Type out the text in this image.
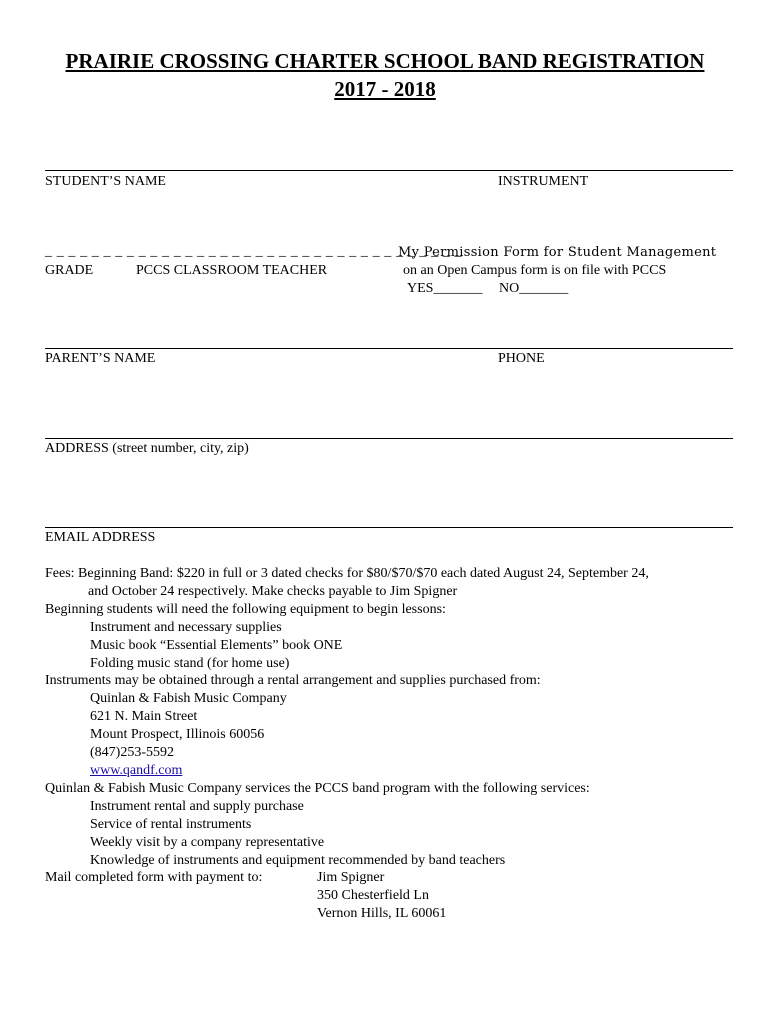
PRAIRIE CROSSING CHARTER SCHOOL BAND REGISTRATION
2017 - 2018
STUDENT’S NAME	INSTRUMENT
_ _ _ _ _ _ _ _ _ _ _ _ _ _ _ _ _ _ _ _ _ _ _ _ _ _ _ _ _ _ _ _ _ _ _ _
My Permission Form for Student Management
GRADE	PCCS CLASSROOM TEACHER	on an Open Campus form is on file with PCCS
YES_______ NO_______
PARENT’S NAME	PHONE
ADDRESS (street number, city, zip)
EMAIL ADDRESS
Fees: Beginning Band: $220 in full or 3 dated checks for $80/$70/$70 each dated August 24, September 24,
and October 24 respectively. Make checks payable to Jim Spigner
Beginning students will need the following equipment to begin lessons:
Instrument and necessary supplies
Music book “Essential Elements” book ONE
Folding music stand (for home use)
Instruments may be obtained through a rental arrangement and supplies purchased from:
Quinlan & Fabish Music Company
621 N. Main Street
Mount Prospect, Illinois 60056
(847)253-5592
www.qandf.com
Quinlan & Fabish Music Company services the PCCS band program with the following services:
Instrument rental and supply purchase
Service of rental instruments
Weekly visit by a company representative
Knowledge of instruments and equipment recommended by band teachers
Mail completed form with payment to:	Jim Spigner
350 Chesterfield Ln
Vernon Hills, IL 60061
